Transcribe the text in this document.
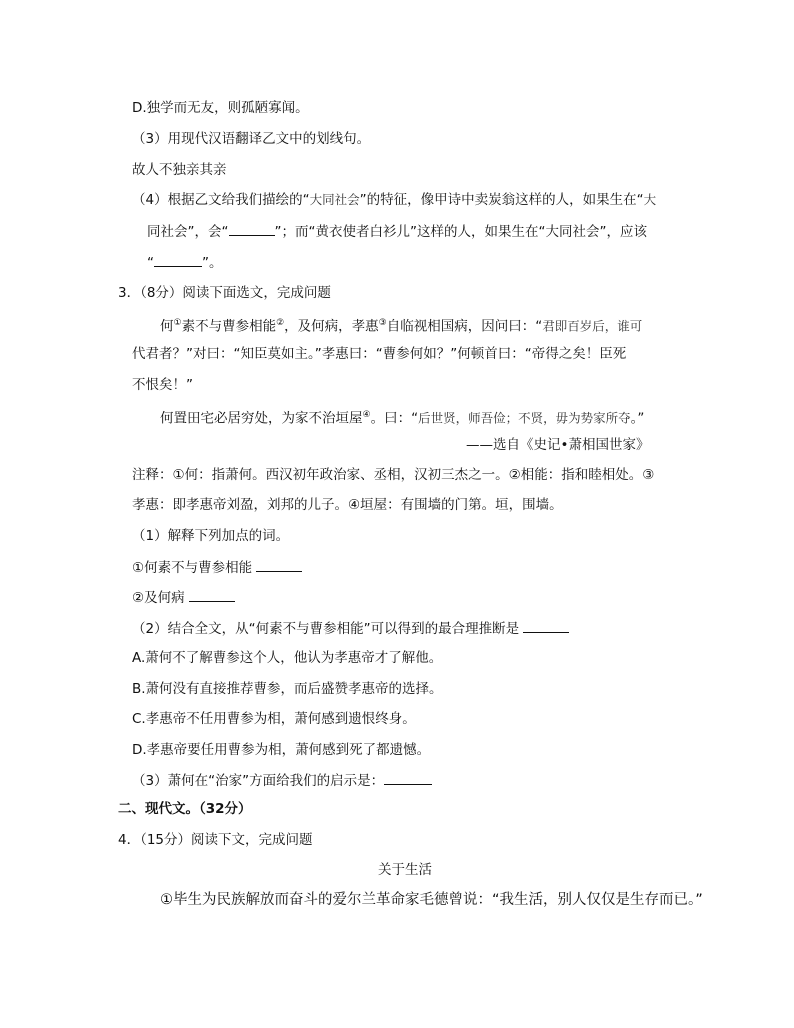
D.独学而无友，则孤陋寡闻。
（3）用现代汉语翻译乙文中的划线句。
故人不独亲其亲
（4）根据乙文给我们描绘的“大同社会”的特征，像甲诗中卖炭翁这样的人，如果生在“大
同社会”，会“	”；而“黄衣使者白衫儿”这样的人，如果生在“大同社会”，应该
“	”。
3．（8分）阅读下面选文，完成问题
何①素不与曹参相能②，及何病，孝惠③自临视相国病，因问曰：“君即百岁后，谁可
代君者？”对曰：“知臣莫如主。”孝惠曰：“曹参何如？”何顿首曰：“帝得之矣！臣死
不恨矣！”
何置田宅必居穷处，为家不治垣屋④。曰：“后世贤，师吾俭；不贤，毋为势家所夺。”
——选自《史记•萧相国世家》
注释：①何：指萧何。西汉初年政治家、丞相，汉初三杰之一。②相能：指和睦相处。③
孝惠：即孝惠帝刘盈，刘邦的儿子。④垣屋：有围墙的门第。垣，围墙。
（1）解释下列加点的词。
①何素不与曹参相能
②及何病
（2）结合全文，从“何素不与曹参相能”可以得到的最合理推断是
A.萧何不了解曹参这个人，他认为孝惠帝才了解他。
B.萧何没有直接推荐曹参，而后盛赞孝惠帝的选择。
C.孝惠帝不任用曹参为相，萧何感到遗恨终身。
D.孝惠帝要任用曹参为相，萧何感到死了都遗憾。
（3）萧何在“治家”方面给我们的启示是：
二、现代文。（32分）
4．（15分）阅读下文，完成问题
关于生活
①毕生为民族解放而奋斗的爱尔兰革命家毛德曾说：“我生活，别人仅仅是生存而已。”
